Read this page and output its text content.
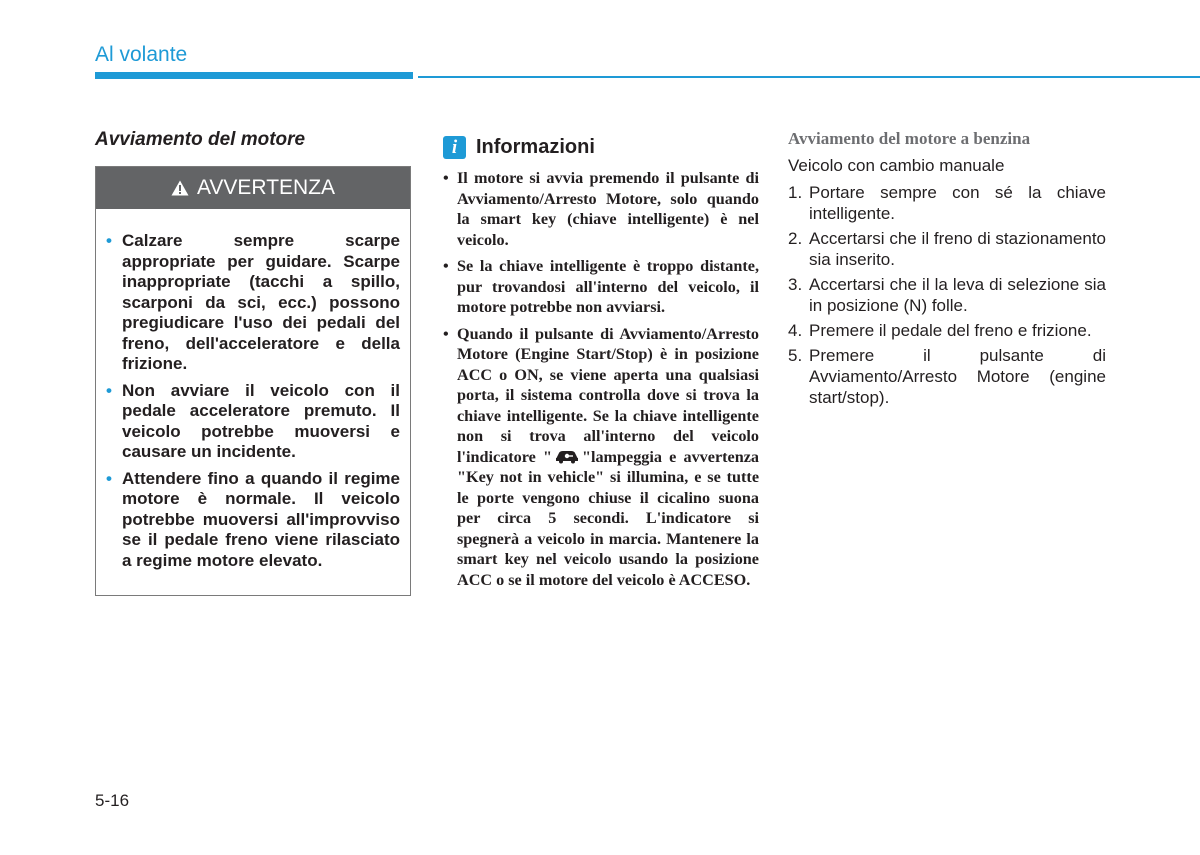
Al volante
Avviamento del motore
AVVERTENZA
• Calzare sempre scarpe appropriate per guidare. Scarpe inappropriate (tacchi a spillo, scarponi da sci, ecc.) possono pregiudicare l'uso dei pedali del freno, dell'acceleratore e della frizione.
• Non avviare il veicolo con il pedale acceleratore premuto. Il veicolo potrebbe muoversi e causare un incidente.
• Attendere fino a quando il regime motore è normale. Il veicolo potrebbe muoversi all'improvviso se il pedale freno viene rilasciato a regime motore elevato.
i Informazioni
• Il motore si avvia premendo il pulsante di Avviamento/Arresto Motore, solo quando la smart key (chiave intelligente) è nel veicolo.
• Se la chiave intelligente è troppo distante, pur trovandosi all'interno del veicolo, il motore potrebbe non avviarsi.
• Quando il pulsante di Avviamento/Arresto Motore (Engine Start/Stop) è in posizione ACC o ON, se viene aperta una qualsiasi porta, il sistema controlla dove si trova la chiave intelligente. Se la chiave intelligente non si trova all'interno del veicolo l'indicatore " "lampeggia e avvertenza "Key not in vehicle" si illumina, e se tutte le porte vengono chiuse il cicalino suona per circa 5 secondi. L'indicatore si spegnerà a veicolo in marcia. Mantenere la smart key nel veicolo usando la posizione ACC o se il motore del veicolo è ACCESO.
Avviamento del motore a benzina
Veicolo con cambio manuale
1. Portare sempre con sé la chiave intelligente.
2. Accertarsi che il freno di stazionamento sia inserito.
3. Accertarsi che il la leva di selezione sia in posizione (N) folle.
4. Premere il pedale del freno e frizione.
5. Premere il pulsante di Avviamento/Arresto Motore (engine start/stop).
5-16
